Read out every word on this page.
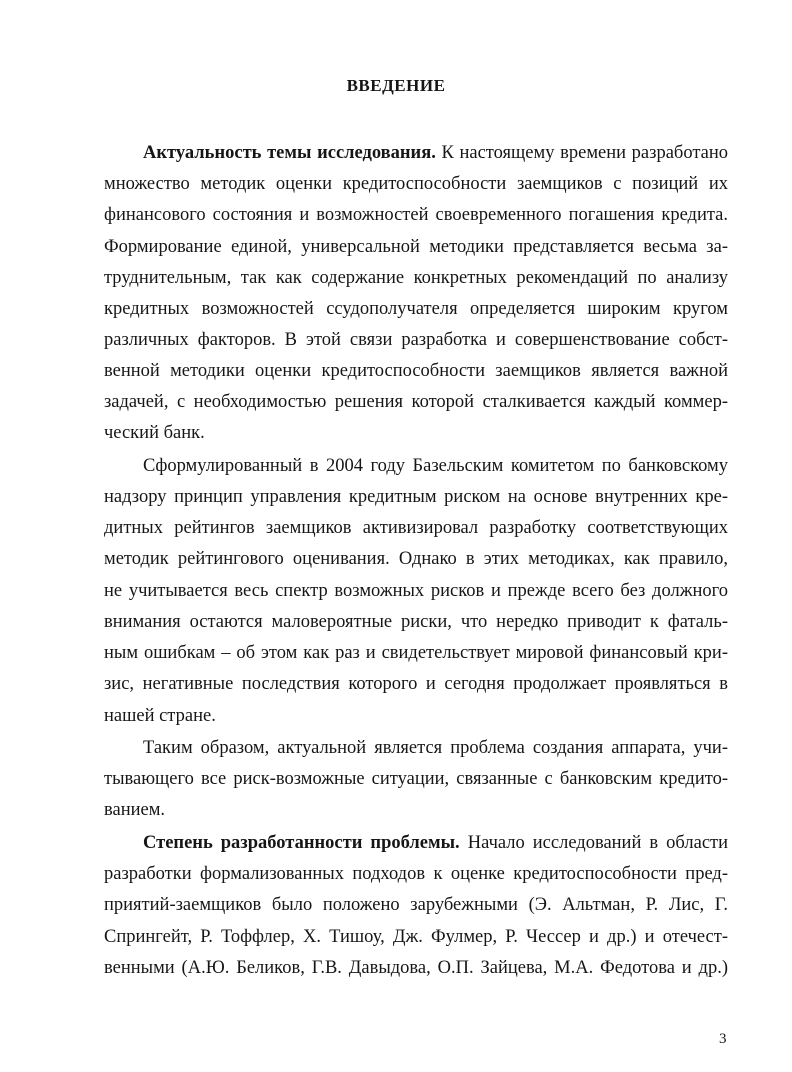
ВВЕДЕНИЕ

Актуальность темы исследования. К настоящему времени разработано

множество методик оценки кредитоспособности заемщиков с позиций их

финансового состояния и возможностей своевременного погашения кредита.

Формирование единой, универсальной методики представляется весьма за-

труднительным, так как содержание конкретных рекомендаций по анализу

кредитных возможностей ссудополучателя определяется широким кругом

различных факторов. В этой связи разработка и совершенствование собст-

венной методики оценки кредитоспособности заемщиков является важной

задачей, с необходимостью решения которой сталкивается каждый коммер-

ческий банк.

Сформулированный в 2004 году Базельским комитетом по банковскому

надзору принцип управления кредитным риском на основе внутренних кре-

дитных рейтингов заемщиков активизировал разработку соответствующих

методик рейтингового оценивания. Однако в этих методиках, как правило,

не учитывается весь спектр возможных рисков и прежде всего без должного

внимания остаются маловероятные риски, что нередко приводит к фаталь-

ным ошибкам – об этом как раз и свидетельствует мировой финансовый кри-

зис, негативные последствия которого и сегодня продолжает проявляться в

нашей стране.

Таким образом, актуальной является проблема создания аппарата, учи-

тывающего все риск-возможные ситуации, связанные с банковским кредито-

ванием.

Степень разработанности проблемы. Начало исследований в области

разработки формализованных подходов к оценке кредитоспособности пред-

приятий-заемщиков было положено зарубежными (Э. Альтман, Р. Лис, Г.

Спрингейт, Р. Тоффлер, Х. Тишоу, Дж. Фулмер, Р. Чессер и др.) и отечест-

венными (А.Ю. Беликов, Г.В. Давыдова, О.П. Зайцева, М.А. Федотова и др.)

3
